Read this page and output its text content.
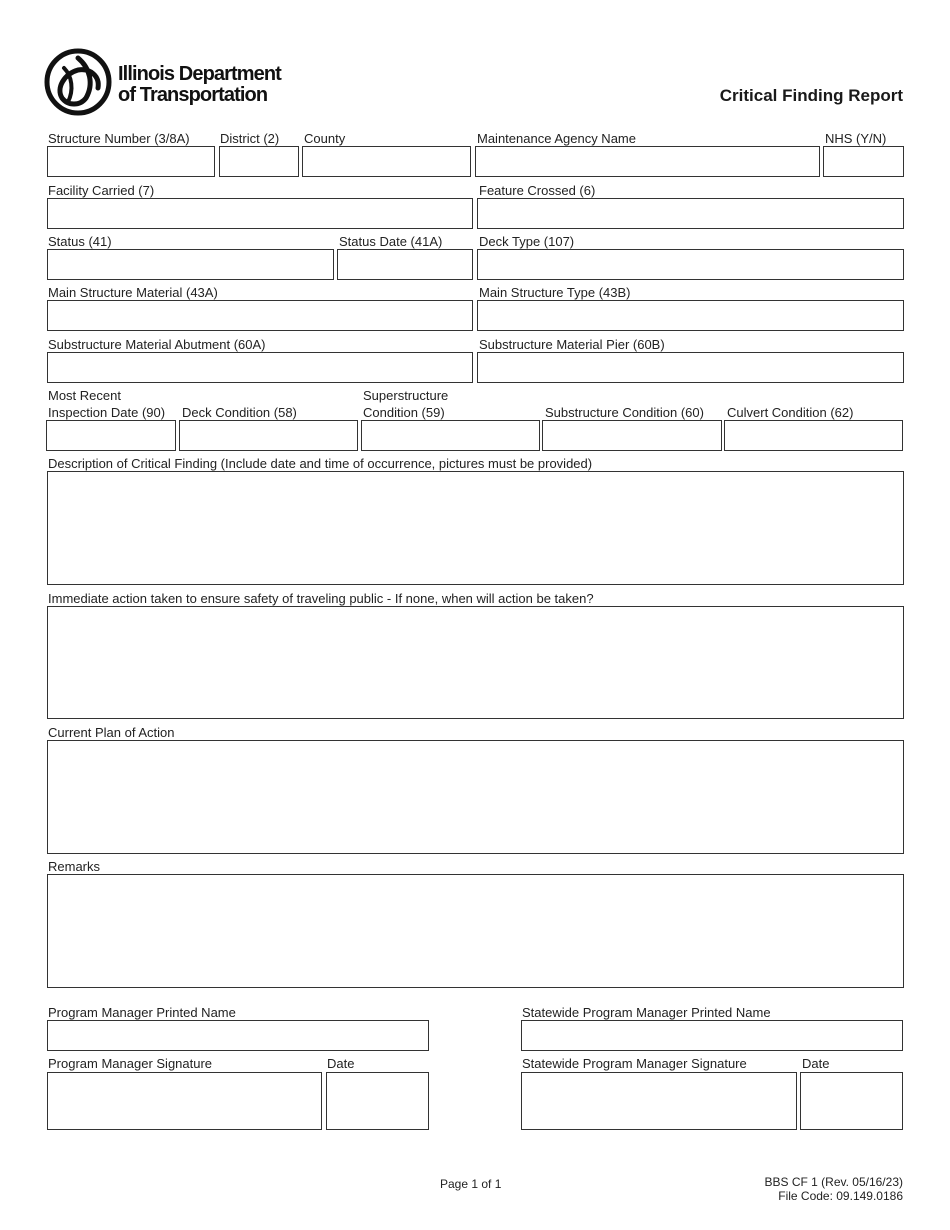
Illinois Department
of Transportation	Critical Finding Report
Structure Number (3/8A) District (2) County	Maintenance Agency Name	NHS (Y/N)
Facility Carried (7)	Feature Crossed (6)
Status (41)	Status Date (41A)	Deck Type (107)
Main Structure Material (43A)	Main Structure Type (43B)
Substructure Material Abutment (60A)	Substructure Material Pier (60B)
Most Recent
Inspection Date (90) Deck Condition (58)
Superstructure
Condition (59)	Substructure Condition (60) Culvert Condition (62)
Description of Critical Finding (Include date and time of occurrence, pictures must be provided)
Immediate action taken to ensure safety of traveling public - If none, when will action be taken?
Current Plan of Action
Remarks
Program Manager Printed Name	Statewide Program Manager Printed Name
Program Manager Signature	Date	Statewide Program Manager Signature	Date
Page 1 of 1	BBS CF 1 (Rev. 05/16/23)
File Code: 09.149.0186
